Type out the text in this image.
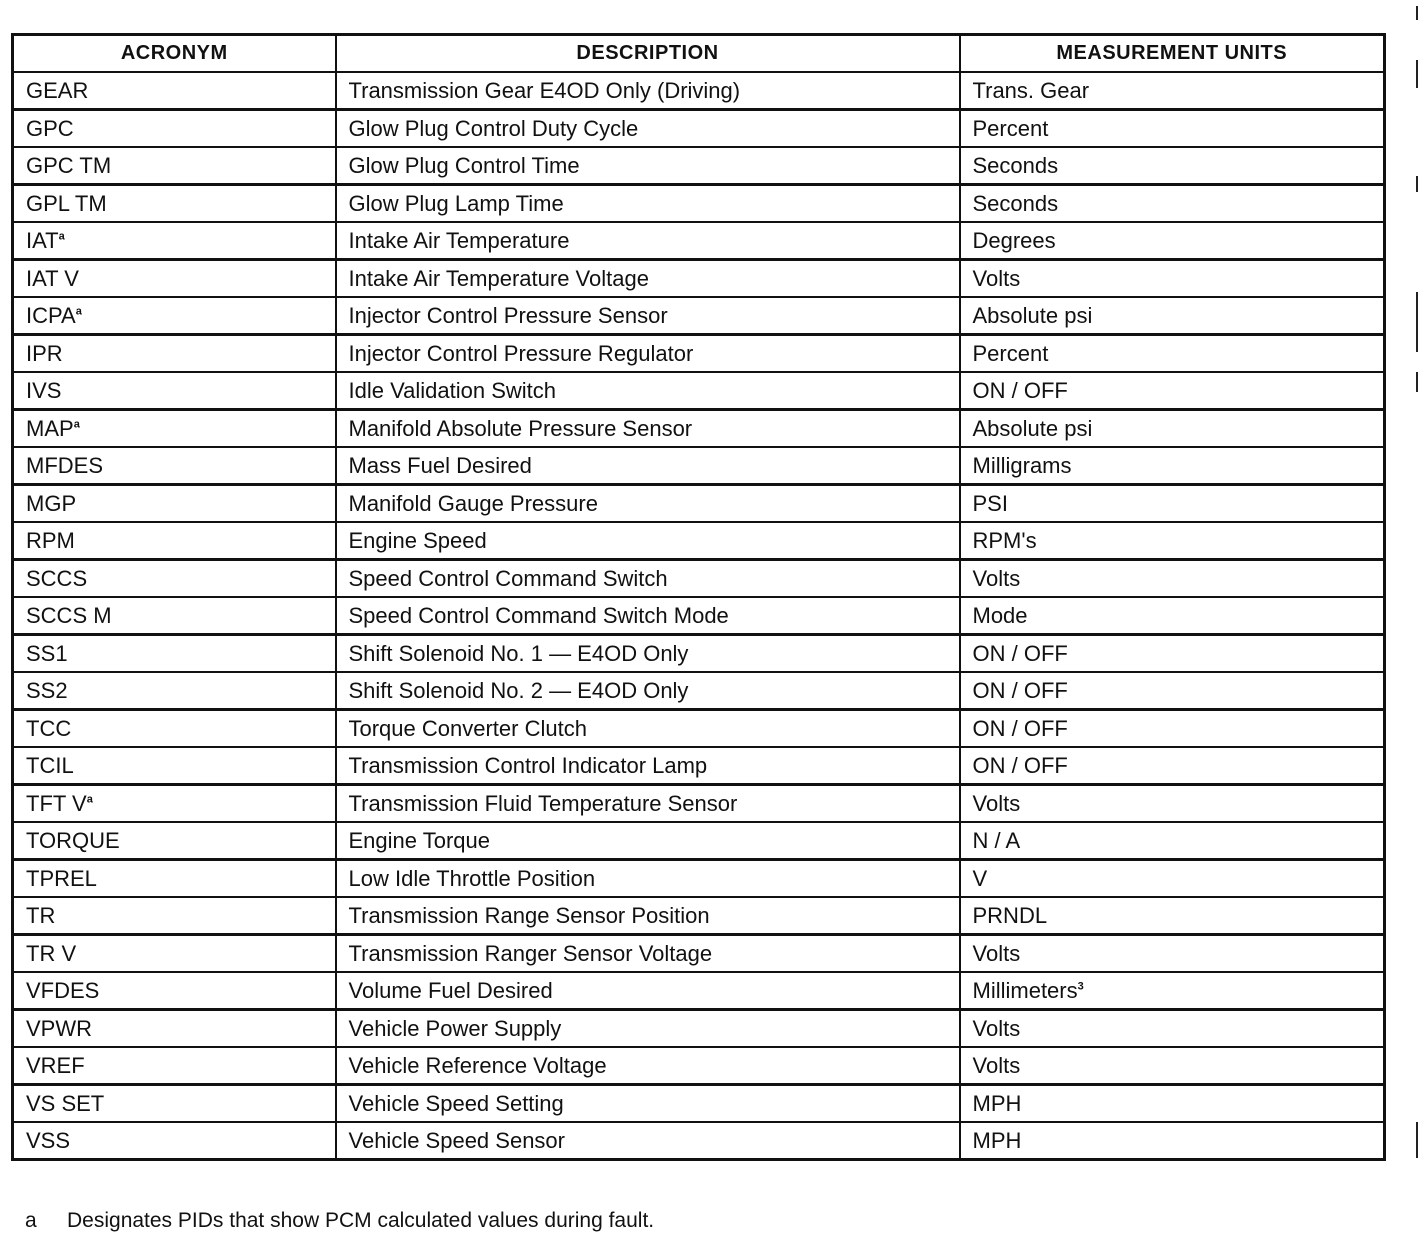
ACRONYM	DESCRIPTION	MEASUREMENT UNITS
GEAR	Transmission Gear E4OD Only (Driving)	Trans. Gear
GPC	Glow Plug Control Duty Cycle	Percent
GPC TM	Glow Plug Control Time	Seconds
GPL TM	Glow Plug Lamp Time	Seconds
IAT$^a$	Intake Air Temperature	Degrees
IAT V	Intake Air Temperature Voltage	Volts
ICPA$^a$	Injector Control Pressure Sensor	Absolute psi
IPR	Injector Control Pressure Regulator	Percent
IVS	Idle Validation Switch	ON / OFF
MAP$^a$	Manifold Absolute Pressure Sensor	Absolute psi
MFDES	Mass Fuel Desired	Milligrams
MGP	Manifold Gauge Pressure	PSI
RPM	Engine Speed	RPM's
SCCS	Speed Control Command Switch	Volts
SCCS M	Speed Control Command Switch Mode	Mode
SS1	Shift Solenoid No. 1 — E4OD Only	ON / OFF
SS2	Shift Solenoid No. 2 — E4OD Only	ON / OFF
TCC	Torque Converter Clutch	ON / OFF
TCIL	Transmission Control Indicator Lamp	ON / OFF
TFT V$^a$	Transmission Fluid Temperature Sensor	Volts
TORQUE	Engine Torque	N / A
TPREL	Low Idle Throttle Position	V
TR	Transmission Range Sensor Position	PRNDL
TR V	Transmission Ranger Sensor Voltage	Volts
VFDES	Volume Fuel Desired	Millimeters$^3$
VPWR	Vehicle Power Supply	Volts
VREF	Vehicle Reference Voltage	Volts
VS SET	Vehicle Speed Setting	MPH
VSS	Vehicle Speed Sensor	MPH
a Designates PIDs that show PCM calculated values during fault.
